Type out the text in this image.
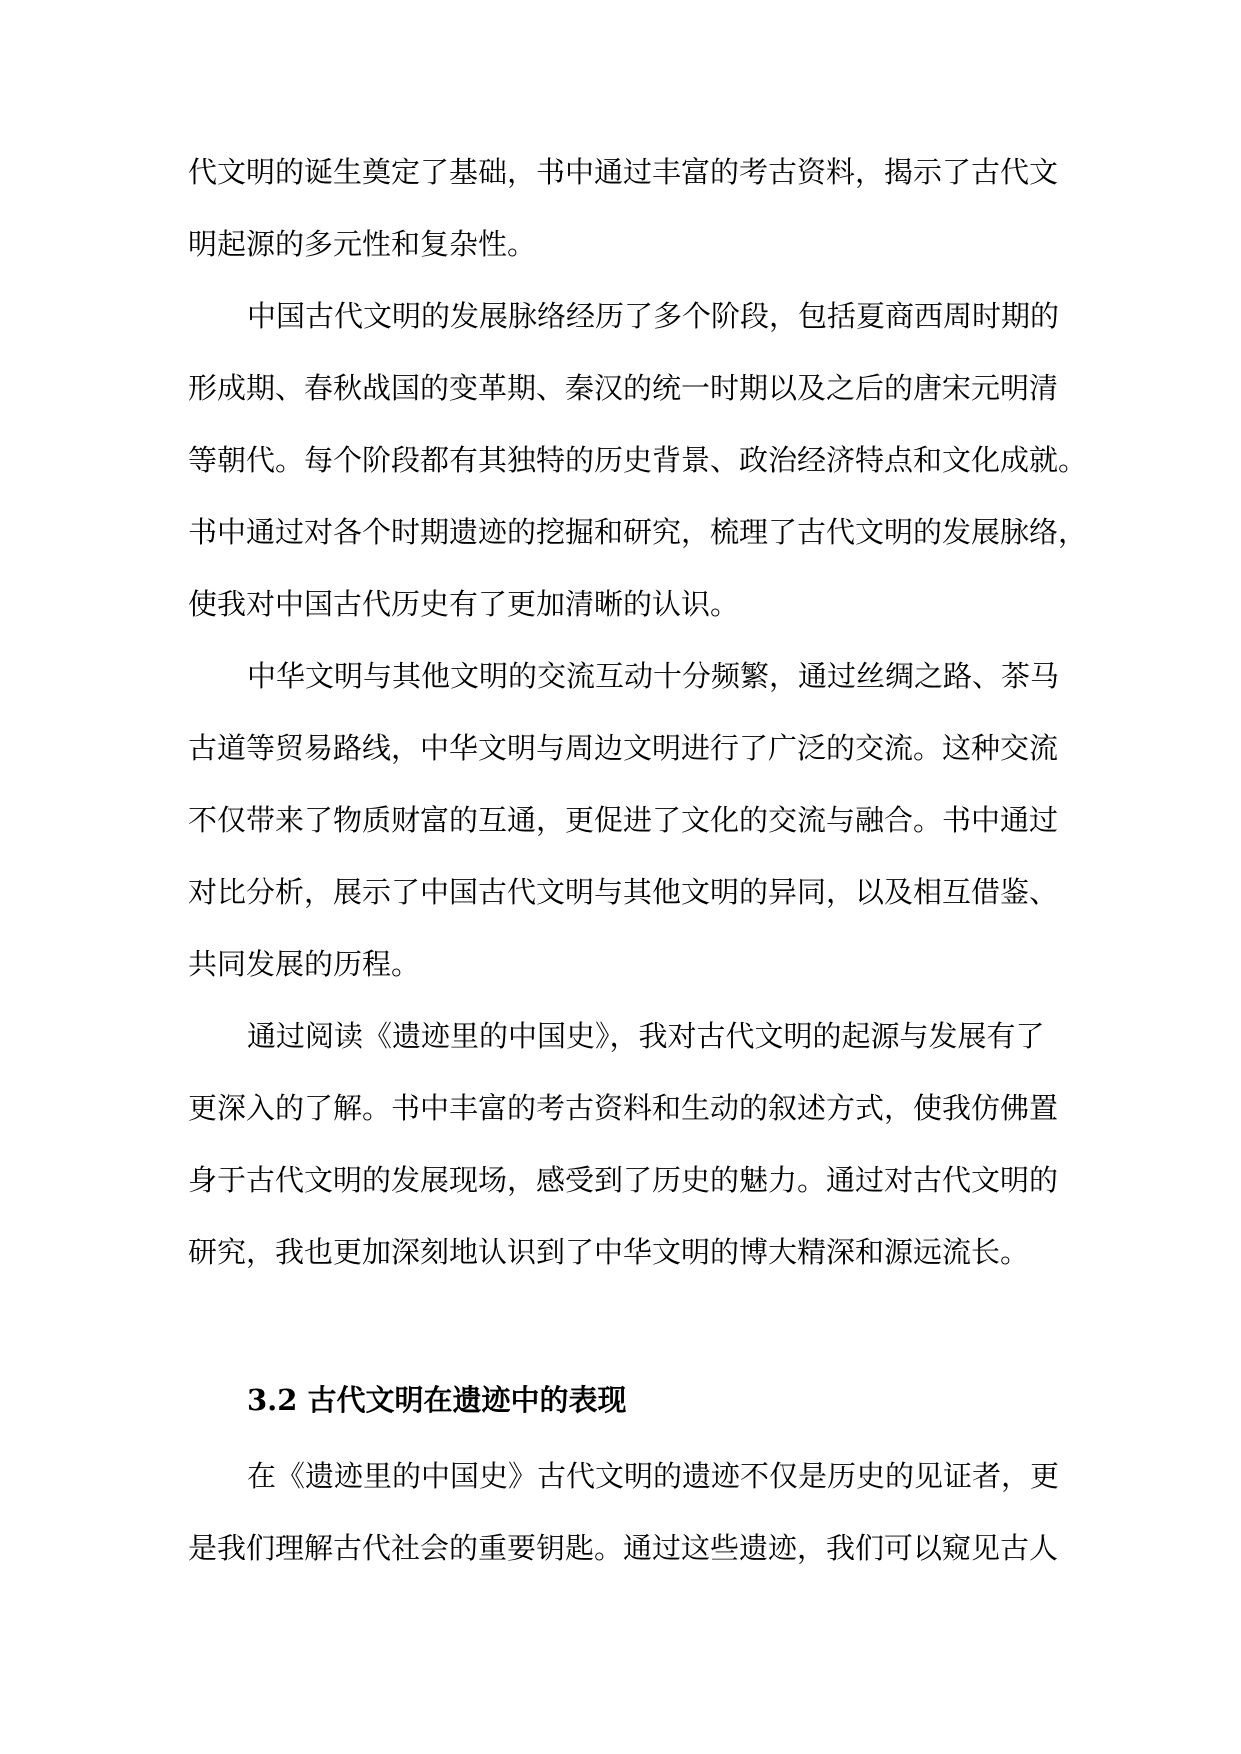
代文明的诞生奠定了基础，书中通过丰富的考古资料，揭示了古代文
明起源的多元性和复杂性。
中国古代文明的发展脉络经历了多个阶段，包括夏商西周时期的
形成期、春秋战国的变革期、秦汉的统一时期以及之后的唐宋元明清
等朝代。每个阶段都有其独特的历史背景、政治经济特点和文化成就。
书中通过对各个时期遗迹的挖掘和研究，梳理了古代文明的发展脉络，
使我对中国古代历史有了更加清晰的认识。
中华文明与其他文明的交流互动十分频繁，通过丝绸之路、茶马
古道等贸易路线，中华文明与周边文明进行了广泛的交流。这种交流
不仅带来了物质财富的互通，更促进了文化的交流与融合。书中通过
对比分析，展示了中国古代文明与其他文明的异同，以及相互借鉴、
共同发展的历程。
通过阅读《遗迹里的中国史》，我对古代文明的起源与发展有了
更深入的了解。书中丰富的考古资料和生动的叙述方式，使我仿佛置
身于古代文明的发展现场，感受到了历史的魅力。通过对古代文明的
研究，我也更加深刻地认识到了中华文明的博大精深和源远流长。
3.2 古代文明在遗迹中的表现
在《遗迹里的中国史》古代文明的遗迹不仅是历史的见证者，更
是我们理解古代社会的重要钥匙。通过这些遗迹，我们可以窥见古人
